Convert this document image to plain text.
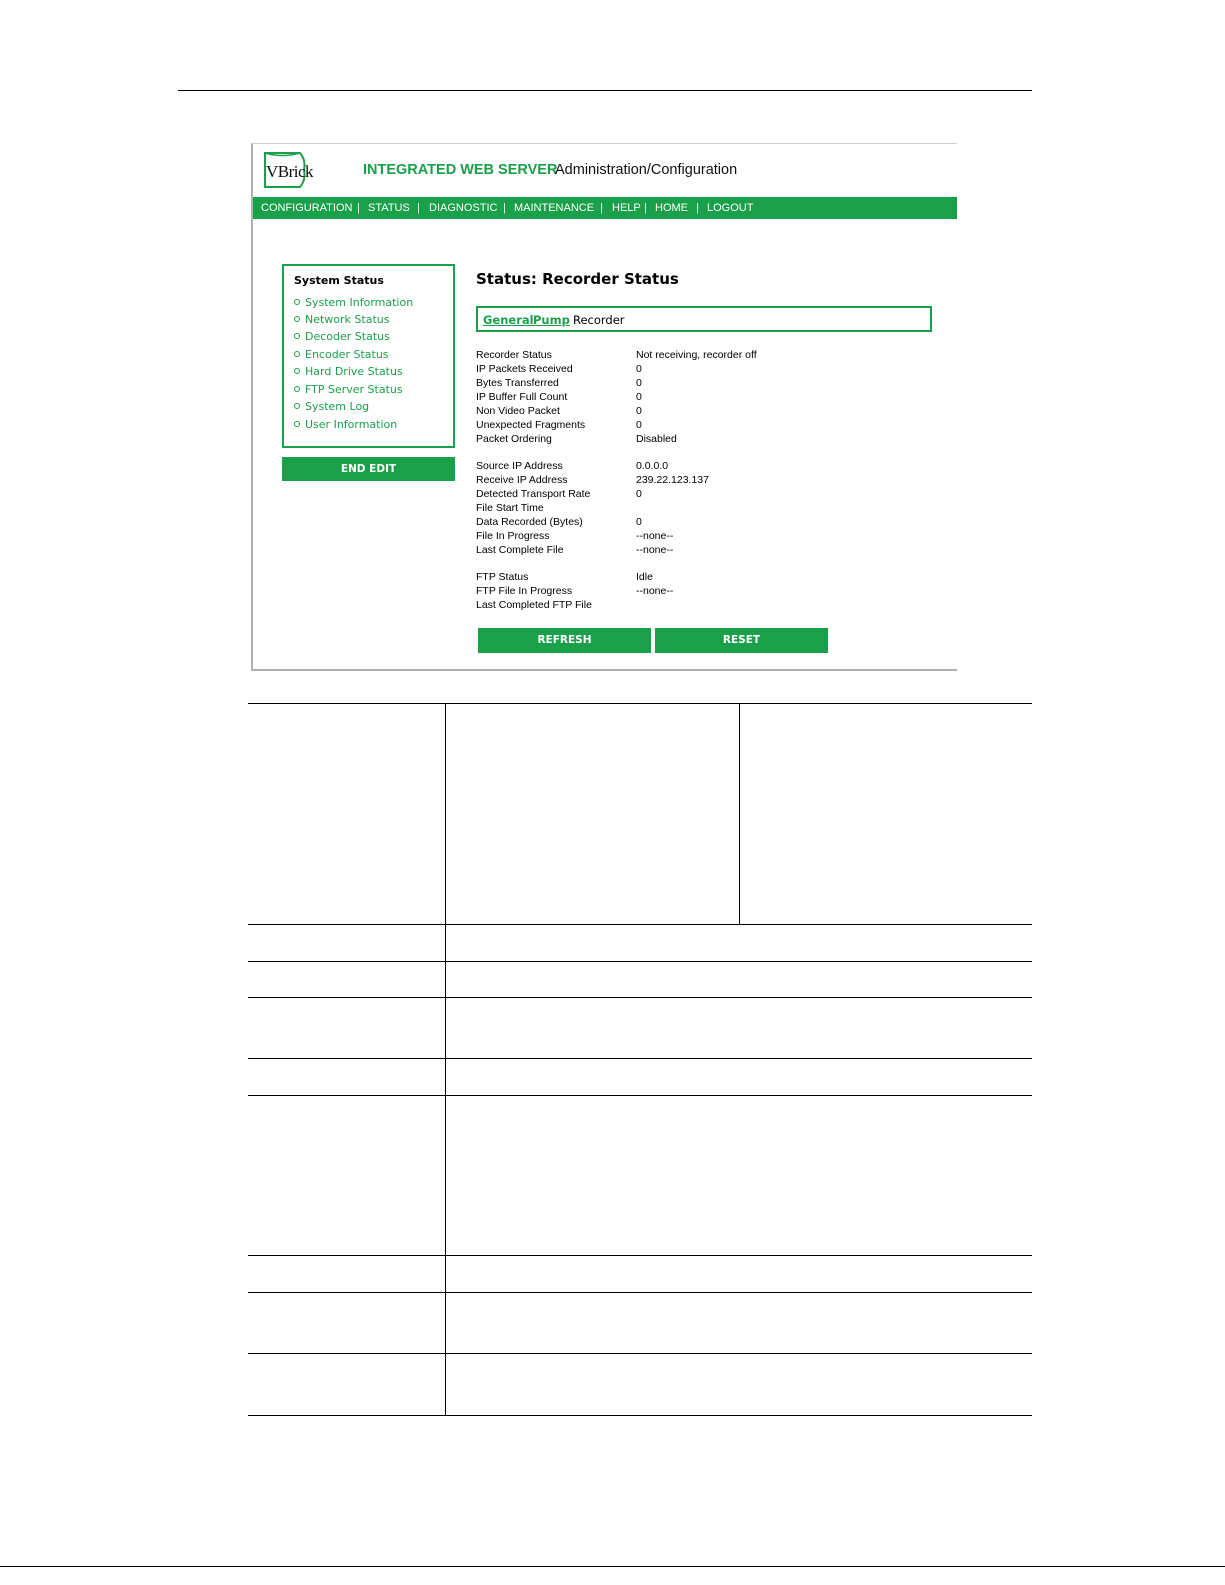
VBrick	INTEGRATED WEB SERVER
Administration/Configuration
CONFIGURATION | STATUS | DIAGNOSTIC | MAINTENANCE | HELP | HOME | LOGOUT
System Status
System Information
Network Status
Decoder Status
Encoder Status
Hard Drive Status
FTP Server Status
System Log
User Information
END EDIT
Status: Recorder Status
General Pump Recorder
Recorder Status	Not receiving, recorder off
IP Packets Received	0
Bytes Transferred	0
IP Buffer Full Count	0
Non Video Packet	0
Unexpected Fragments	0
Packet Ordering	Disabled
Source IP Address	0.0.0.0
Receive IP Address	239.22.123.137
Detected Transport Rate	0
File Start Time
Data Recorded (Bytes)	0
File In Progress	--none--
Last Complete File	--none--
FTP Status	Idle
FTP File In Progress	--none--
Last Completed FTP File
REFRESH	RESET
